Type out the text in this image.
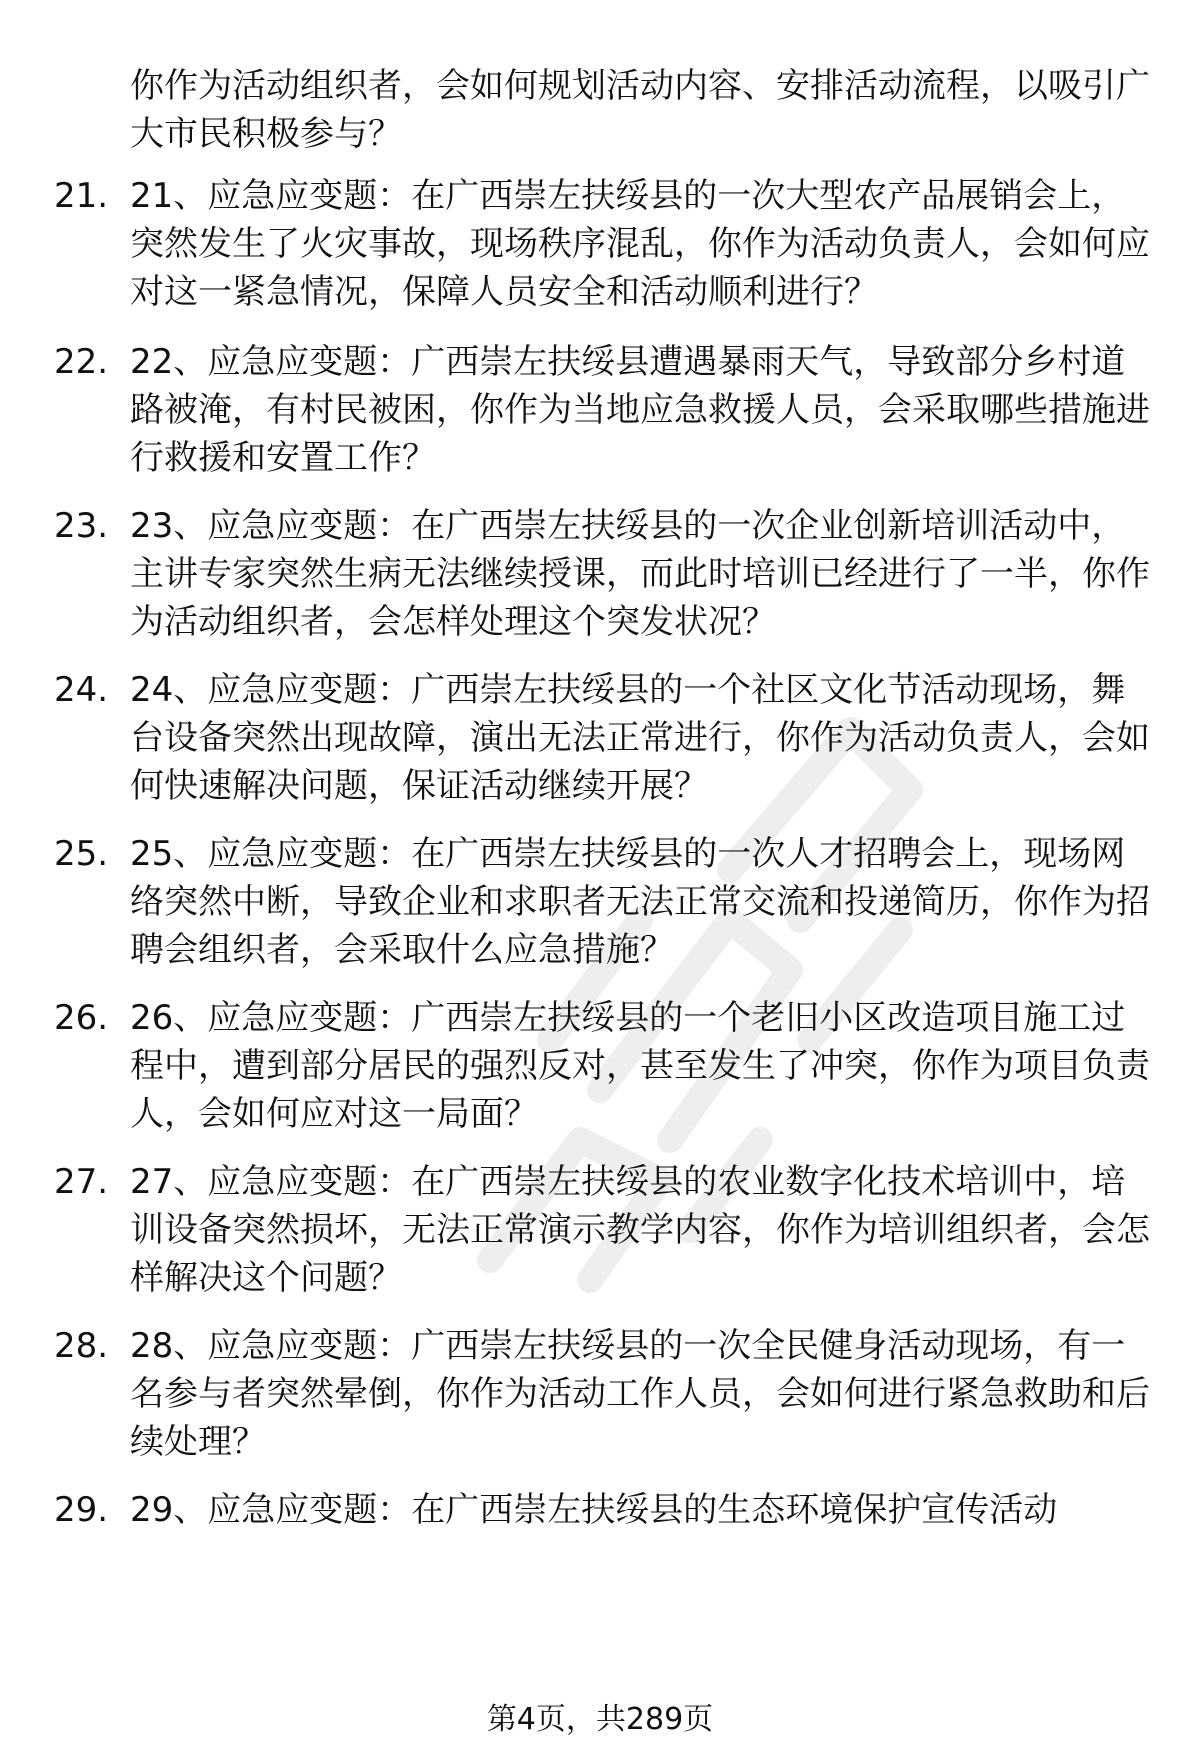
你作为活动组织者，会如何规划活动内容、安排活动流程，以吸引广大市民积极参与？
21. 21、应急应变题：在广西崇左扶绥县的一次大型农产品展销会上，突然发生了火灾事故，现场秩序混乱，你作为活动负责人，会如何应对这一紧急情况，保障人员安全和活动顺利进行？
22. 22、应急应变题：广西崇左扶绥县遭遇暴雨天气，导致部分乡村道路被淹，有村民被困，你作为当地应急救援人员，会采取哪些措施进行救援和安置工作？
23. 23、应急应变题：在广西崇左扶绥县的一次企业创新培训活动中，主讲专家突然生病无法继续授课，而此时培训已经进行了一半，你作为活动组织者，会怎样处理这个突发状况？
24. 24、应急应变题：广西崇左扶绥县的一个社区文化节活动现场，舞台设备突然出现故障，演出无法正常进行，你作为活动负责人，会如何快速解决问题，保证活动继续开展？
25. 25、应急应变题：在广西崇左扶绥县的一次人才招聘会上，现场网络突然中断，导致企业和求职者无法正常交流和投递简历，你作为招聘会组织者，会采取什么应急措施？
26. 26、应急应变题：广西崇左扶绥县的一个老旧小区改造项目施工过程中，遭到部分居民的强烈反对，甚至发生了冲突，你作为项目负责人，会如何应对这一局面？
27. 27、应急应变题：在广西崇左扶绥县的农业数字化技术培训中，培训设备突然损坏，无法正常演示教学内容，你作为培训组织者，会怎样解决这个问题？
28. 28、应急应变题：广西崇左扶绥县的一次全民健身活动现场，有一名参与者突然晕倒，你作为活动工作人员，会如何进行紧急救助和后续处理？
29. 29、应急应变题：在广西崇左扶绥县的生态环境保护宣传活动
第4页，共289页
